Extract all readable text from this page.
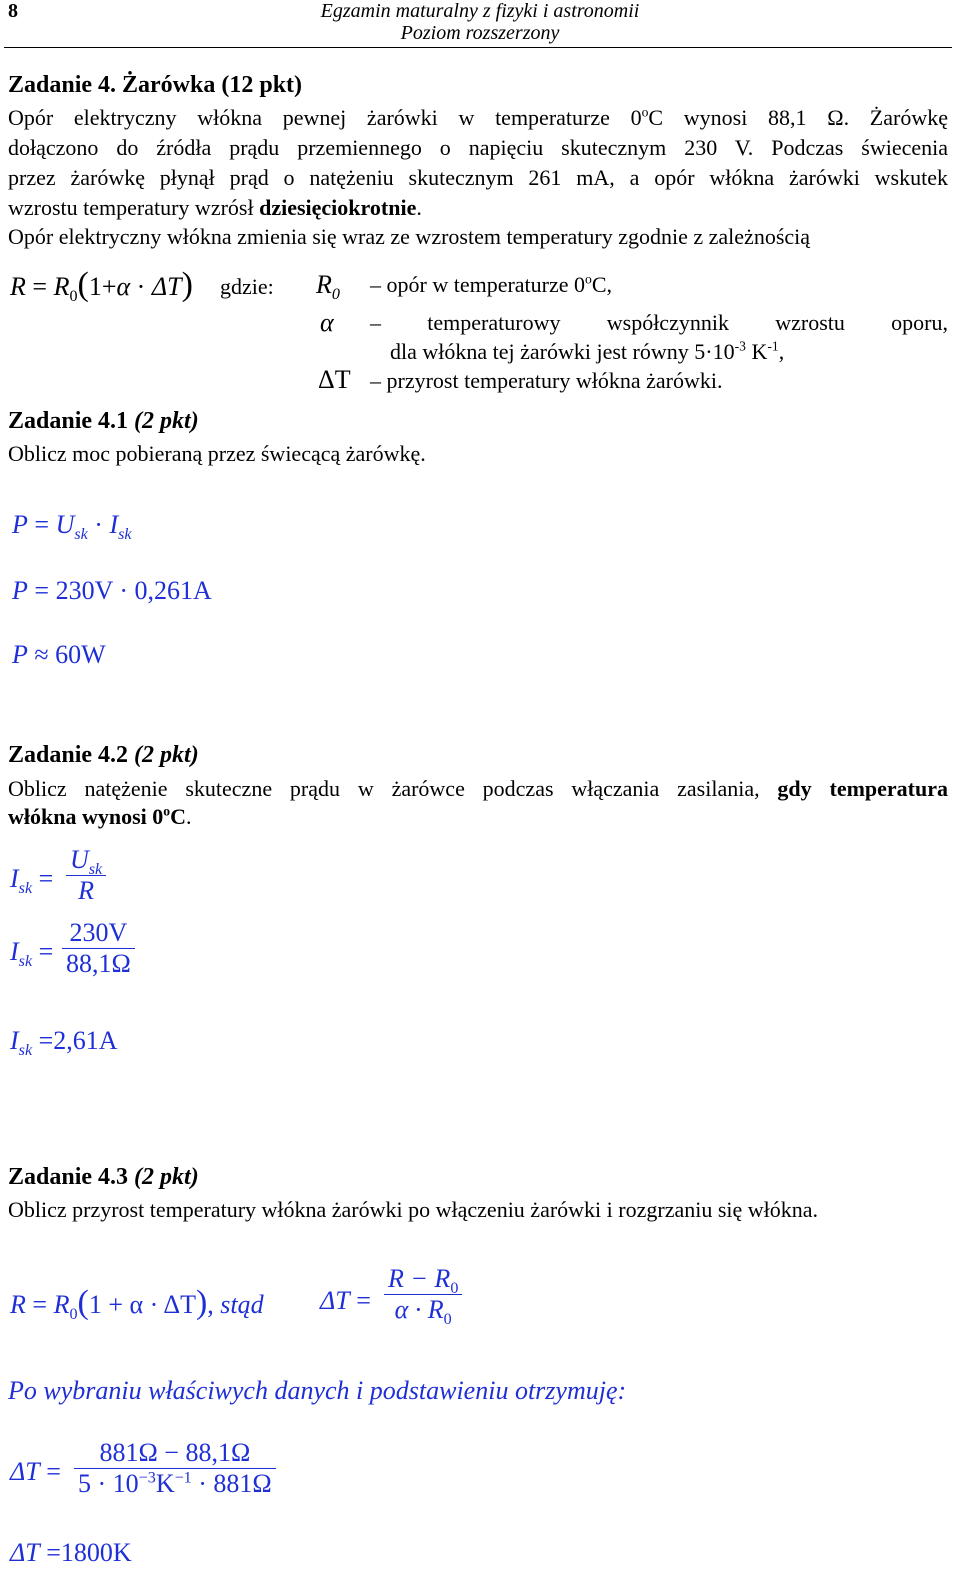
8	Egzamin maturalny z fizyki i astronomii
Poziom rozszerzony
Zadanie 4. Żarówka (12 pkt)
Opór elektryczny włókna pewnej żarówki w temperaturze 0$^o$C wynosi 88,1 Ω. Żarówkę
dołączono do źródła prądu przemiennego o napięciu skutecznym 230 V. Podczas świecenia
przez żarówkę płynął prąd o natężeniu skutecznym 261 mA, a opór włókna żarówki wskutek
wzrostu temperatury wzrósł dziesięciokrotnie.
Opór elektryczny włókna zmienia się wraz ze wzrostem temperatury zgodnie z zależnością
$R = R_0(1+\alpha \cdot \Delta T)$ gdzie: $R_0$ – opór w temperaturze 0$^o$C,
α – temperaturowy współczynnik wzrostu oporu,
dla włókna tej żarówki jest równy $5\cdot 10^{-3}$ $K^{-1}$,
ΔT – przyrost temperatury włókna żarówki.
Zadanie 4.1 (2 pkt)
Oblicz moc pobieraną przez świecącą żarówkę.
$P = U_{sk} \cdot I_{sk}$
P = 230V · 0,261A
P ≈ 60W
Zadanie 4.2 (2 pkt)
Oblicz natężenie skuteczne prądu w żarówce podczas włączania zasilania, gdy temperatura
włókna wynosi 0$^o$C.
$I_{sk}$ =
$U_{sk}$
R
$I_{sk}$ =
230V
88,1Ω
$I_{sk} =2,61A$
Zadanie 4.3 (2 pkt)
Oblicz przyrost temperatury włókna żarówki po włączeniu żarówki i rozgrzaniu się włókna.
$R = R_0(1 + \alpha \cdot \Delta T)$, stąd ΔT =
$R - R_0$
$\alpha \cdot R_0$
Po wybraniu właściwych danych i podstawieniu otrzymuję:
ΔT =
881Ω − 88,1Ω
$5 \cdot 10^{-3}K^{-1} \cdot 881\Omega$
ΔT =1800K
